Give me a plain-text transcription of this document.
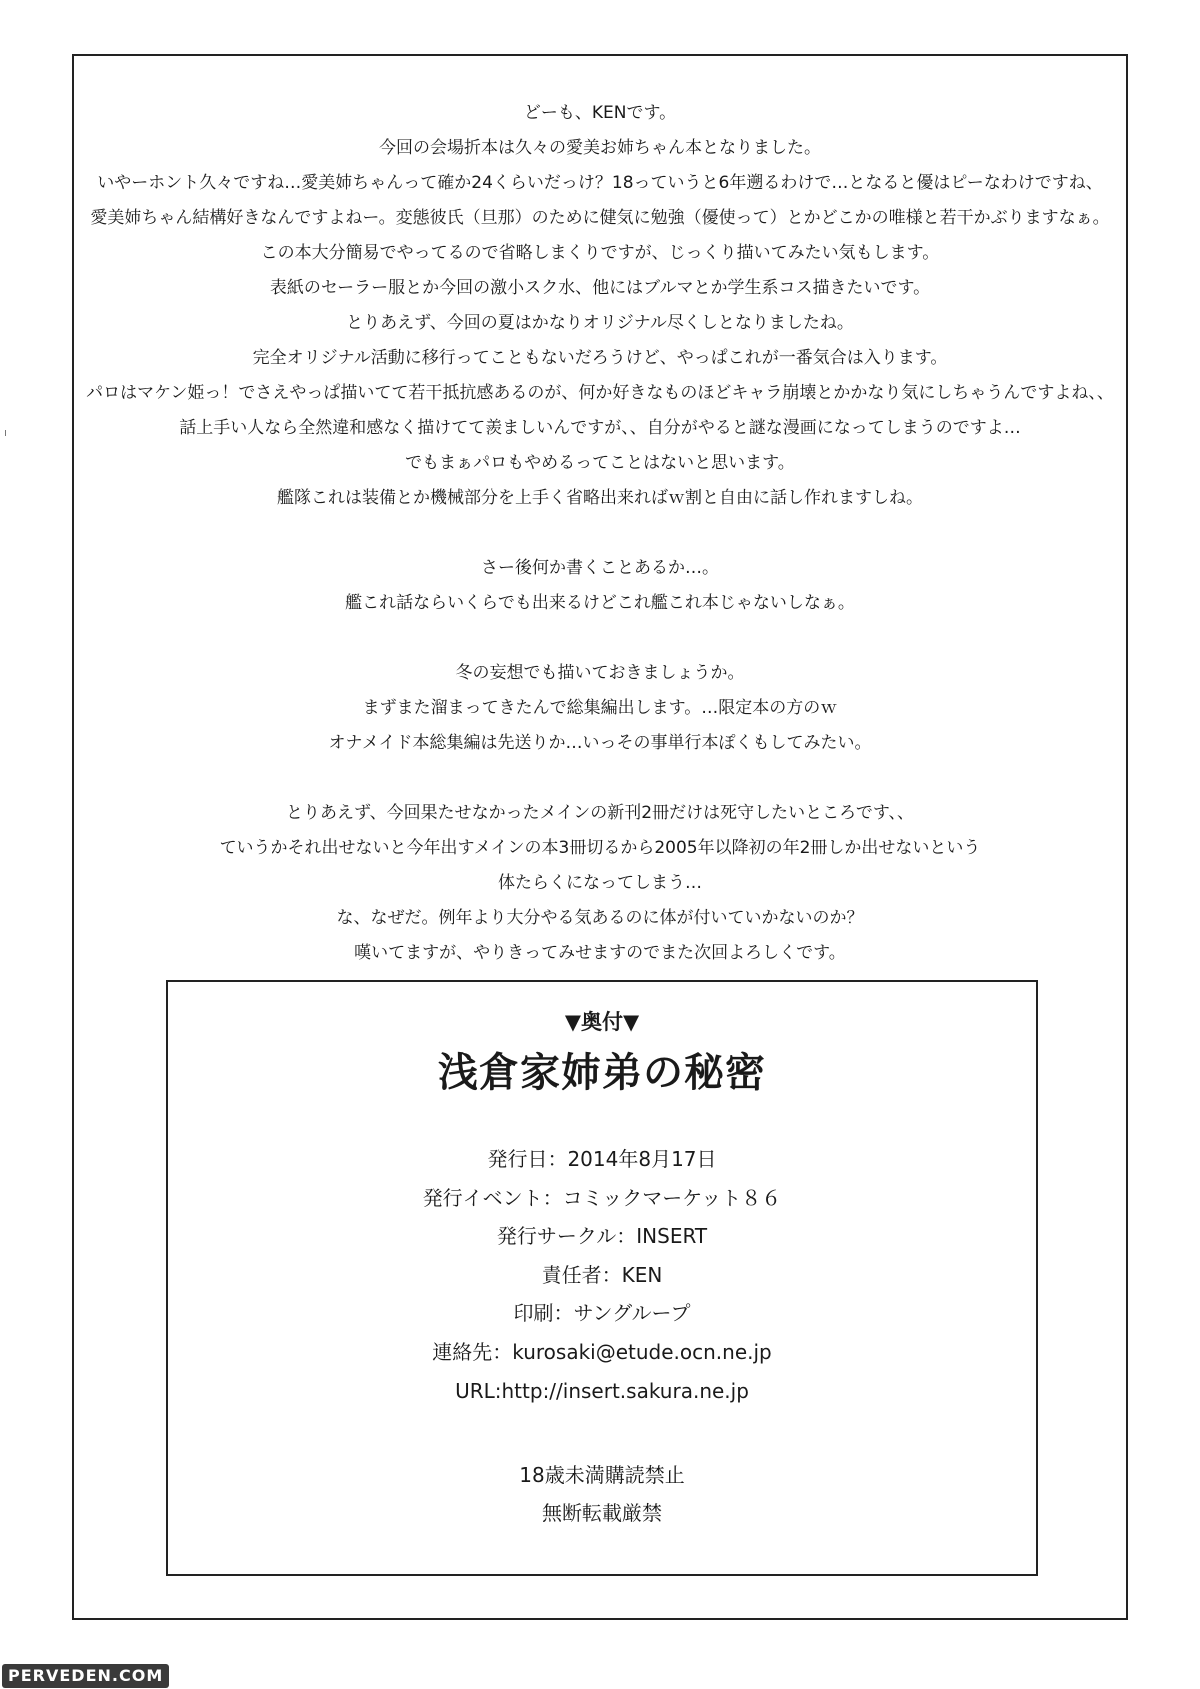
どーも、KENです。
今回の会場折本は久々の愛美お姉ちゃん本となりました。
いやーホント久々ですね…愛美姉ちゃんって確か24くらいだっけ？18っていうと6年遡るわけで…となると優はピーなわけですね、
愛美姉ちゃん結構好きなんですよねー。変態彼氏（旦那）のために健気に勉強（優使って）とかどこかの唯様と若干かぶりますなぁ。
この本大分簡易でやってるので省略しまくりですが、じっくり描いてみたい気もします。
表紙のセーラー服とか今回の激小スク水、他にはブルマとか学生系コス描きたいです。
とりあえず、今回の夏はかなりオリジナル尽くしとなりましたね。
完全オリジナル活動に移行ってこともないだろうけど、やっぱこれが一番気合は入ります。
パロはマケン姫っ！でさえやっぱ描いてて若干抵抗感あるのが、何か好きなものほどキャラ崩壊とかかなり気にしちゃうんですよね、、
話上手い人なら全然違和感なく描けてて羨ましいんですが、、自分がやると謎な漫画になってしまうのですよ…
でもまぁパロもやめるってことはないと思います。
艦隊これは装備とか機械部分を上手く省略出来ればｗ割と自由に話し作れますしね。
さー後何か書くことあるか…。
艦これ話ならいくらでも出来るけどこれ艦これ本じゃないしなぁ。
冬の妄想でも描いておきましょうか。
まずまた溜まってきたんで総集編出します。…限定本の方のｗ
オナメイド本総集編は先送りか…いっその事単行本ぽくもしてみたい。
とりあえず、今回果たせなかったメインの新刊2冊だけは死守したいところです、、
ていうかそれ出せないと今年出すメインの本3冊切るから2005年以降初の年2冊しか出せないという
体たらくになってしまう…
な、なぜだ。例年より大分やる気あるのに体が付いていかないのか？
嘆いてますが、やりきってみせますのでまた次回よろしくです。
▼奥付▼
浅倉家姉弟の秘密
発行日：2014年8月17日
発行イベント：コミックマーケット８６
発行サークル：INSERT
責任者：KEN
印刷：サングループ
連絡先：kurosaki@etude.ocn.ne.jp
URL:http://insert.sakura.ne.jp
18歳未満購読禁止
無断転載厳禁
PERVEDEN.COM
